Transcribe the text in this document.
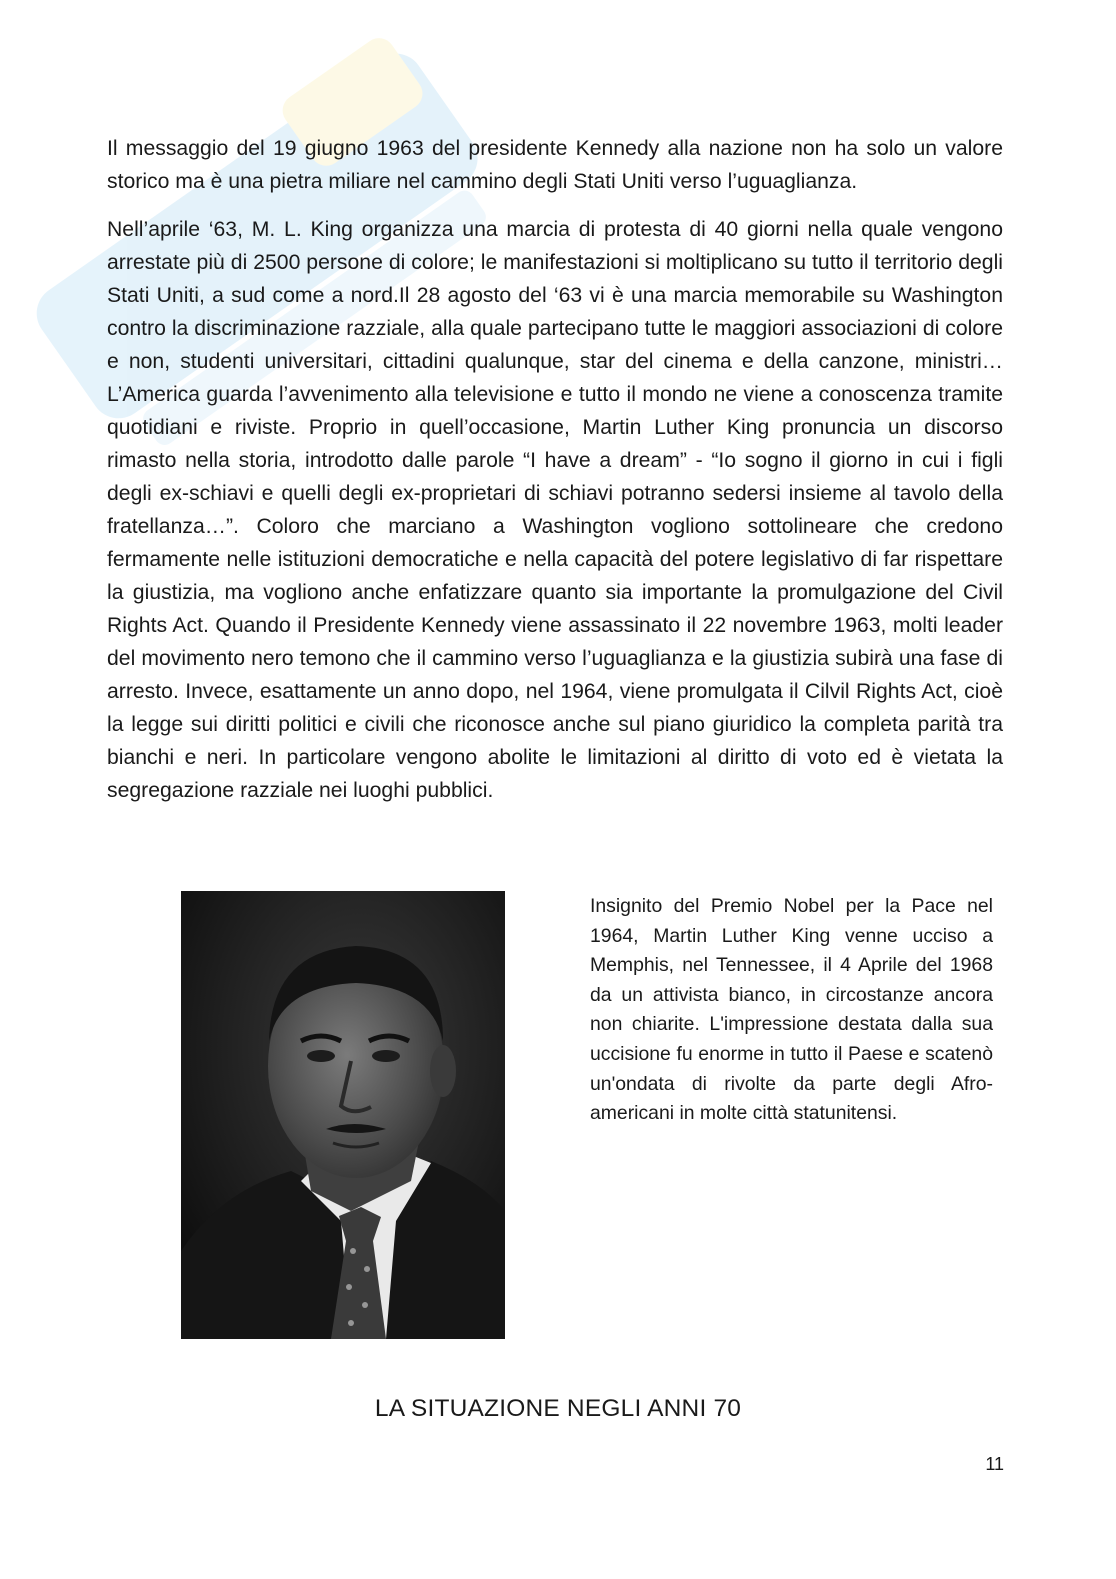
Il messaggio del 19 giugno 1963 del presidente Kennedy alla nazione non ha solo un valore storico ma è una pietra miliare nel cammino degli Stati Uniti verso l’uguaglianza.

Nell’aprile ‘63, M. L. King organizza una marcia di protesta di 40 giorni nella quale vengono arrestate più di 2500 persone di colore; le manifestazioni si moltiplicano su tutto il territorio degli Stati Uniti, a sud come a nord.Il 28 agosto del ‘63 vi è una marcia memorabile su Washington contro la discriminazione razziale, alla quale partecipano tutte le maggiori associazioni di colore e non, studenti universitari, cittadini qualunque, star del cinema e della canzone, ministri…L’America guarda l’avvenimento alla televisione e tutto il mondo ne viene a conoscenza tramite quotidiani e riviste. Proprio in quell’occasione, Martin Luther King pronuncia un discorso rimasto nella storia, introdotto dalle parole “I have a dream” - “Io sogno il giorno in cui i figli degli ex-schiavi e quelli degli ex-proprietari di schiavi potranno sedersi insieme al tavolo della fratellanza…”. Coloro che marciano a Washington vogliono sottolineare che credono fermamente nelle istituzioni democratiche e nella capacità del potere legislativo di far rispettare la giustizia, ma vogliono anche enfatizzare quanto sia importante la promulgazione del Civil Rights Act. Quando il Presidente Kennedy viene assassinato il 22 novembre 1963, molti leader del movimento nero temono che il cammino verso l’uguaglianza e la giustizia subirà una fase di arresto. Invece, esattamente un anno dopo, nel 1964, viene promulgata il Cilvil Rights Act, cioè la legge sui diritti politici e civili che riconosce anche sul piano giuridico la completa parità tra bianchi e neri. In particolare vengono abolite le limitazioni al diritto di voto ed è vietata la segregazione razziale nei luoghi pubblici.

Insignito del Premio Nobel per la Pace nel 1964, Martin Luther King venne ucciso a Memphis, nel Tennessee, il 4 Aprile del 1968 da un attivista bianco, in circostanze ancora non chiarite. L'impressione destata dalla sua uccisione fu enorme in tutto il Paese e scatenò un'ondata di rivolte da parte degli Afro-americani in molte città statunitensi.

LA SITUAZIONE NEGLI ANNI 70

11
